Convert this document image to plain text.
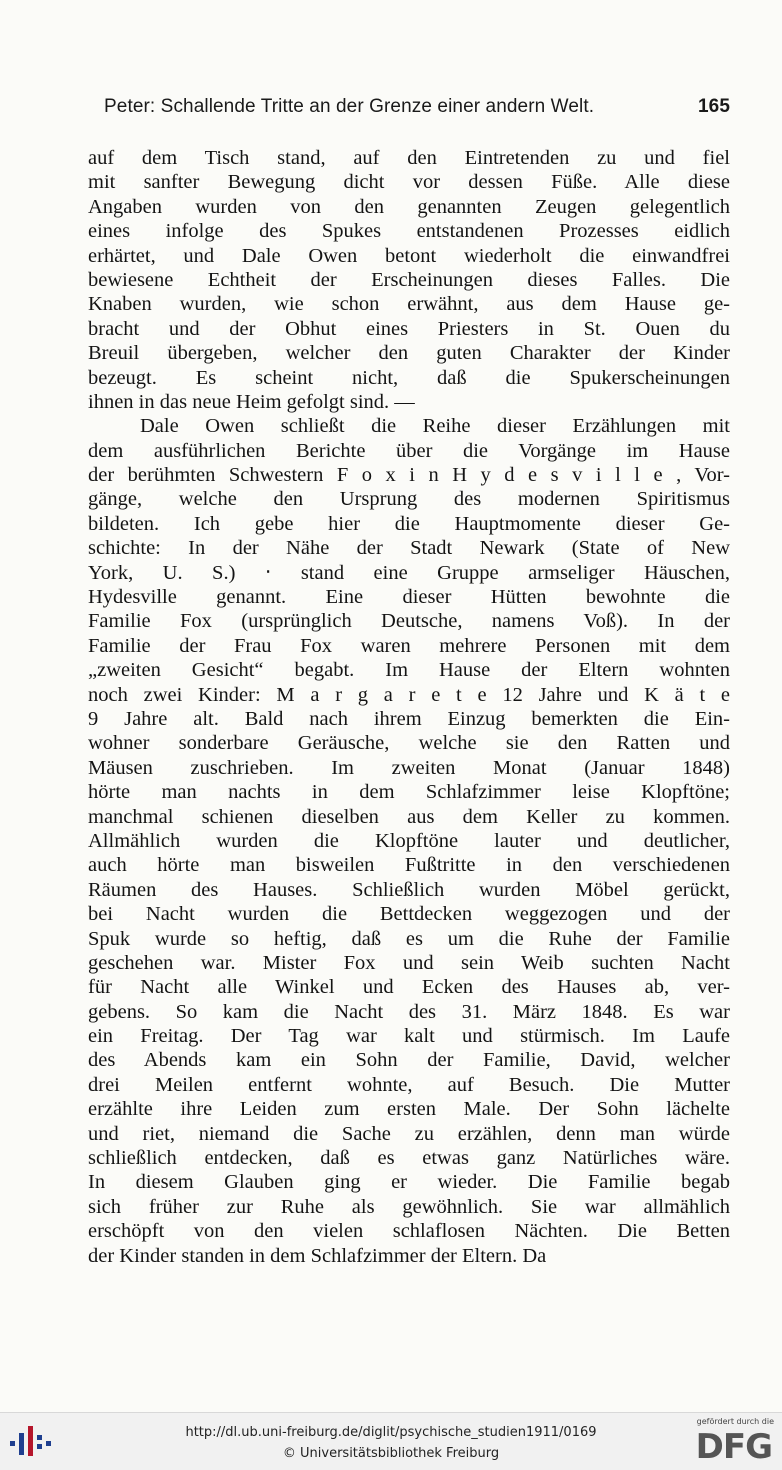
Peter: Schallende Tritte an der Grenze einer andern Welt.	165
auf dem Tisch stand, auf den Eintretenden zu und fiel
mit sanfter Bewegung dicht vor dessen Füße. Alle diese
Angaben wurden von den genannten Zeugen gelegentlich
eines infolge des Spukes entstandenen Prozesses eidlich
erhärtet, und Dale Owen betont wiederholt die einwandfrei
bewiesene Echtheit der Erscheinungen dieses Falles. Die
Knaben wurden, wie schon erwähnt, aus dem Hause ge-
bracht und der Obhut eines Priesters in St. Ouen du
Breuil übergeben, welcher den guten Charakter der Kinder
bezeugt. Es scheint nicht, daß die Spukerscheinungen
ihnen in das neue Heim gefolgt sind. —
Dale Owen schließt die Reihe dieser Erzählungen mit
dem ausführlichen Berichte über die Vorgänge im Hause
der berühmten Schwestern F o x i n H y d e s v i l l e , Vor-
gänge, welche den Ursprung des modernen Spiritismus
bildeten. Ich gebe hier die Hauptmomente dieser Ge-
schichte: In der Nähe der Stadt Newark (State of New
York, U. S.) ‧ stand eine Gruppe armseliger Häuschen,
Hydesville genannt. Eine dieser Hütten bewohnte die
Familie Fox (ursprünglich Deutsche, namens Voß). In der
Familie der Frau Fox waren mehrere Personen mit dem
„zweiten Gesicht“ begabt. Im Hause der Eltern wohnten
noch zwei Kinder: M a r g a r e t e 12 Jahre und K ä t e
9 Jahre alt. Bald nach ihrem Einzug bemerkten die Ein-
wohner sonderbare Geräusche, welche sie den Ratten und
Mäusen zuschrieben. Im zweiten Monat (Januar 1848)
hörte man nachts in dem Schlafzimmer leise Klopftöne;
manchmal schienen dieselben aus dem Keller zu kommen.
Allmählich wurden die Klopftöne lauter und deutlicher,
auch hörte man bisweilen Fußtritte in den verschiedenen
Räumen des Hauses. Schließlich wurden Möbel gerückt,
bei Nacht wurden die Bettdecken weggezogen und der
Spuk wurde so heftig, daß es um die Ruhe der Familie
geschehen war. Mister Fox und sein Weib suchten Nacht
für Nacht alle Winkel und Ecken des Hauses ab, ver-
gebens. So kam die Nacht des 31. März 1848. Es war
ein Freitag. Der Tag war kalt und stürmisch. Im Laufe
des Abends kam ein Sohn der Familie, David, welcher
drei Meilen entfernt wohnte, auf Besuch. Die Mutter
erzählte ihre Leiden zum ersten Male. Der Sohn lächelte
und riet, niemand die Sache zu erzählen, denn man würde
schließlich entdecken, daß es etwas ganz Natürliches wäre.
In diesem Glauben ging er wieder. Die Familie begab
sich früher zur Ruhe als gewöhnlich. Sie war allmählich
erschöpft von den vielen schlaflosen Nächten. Die Betten
der Kinder standen in dem Schlafzimmer der Eltern. Da
http://dl.ub.uni-freiburg.de/diglit/psychische_studien1911/0169
© Universitätsbibliothek Freiburg
gefördert durch die
DFG
